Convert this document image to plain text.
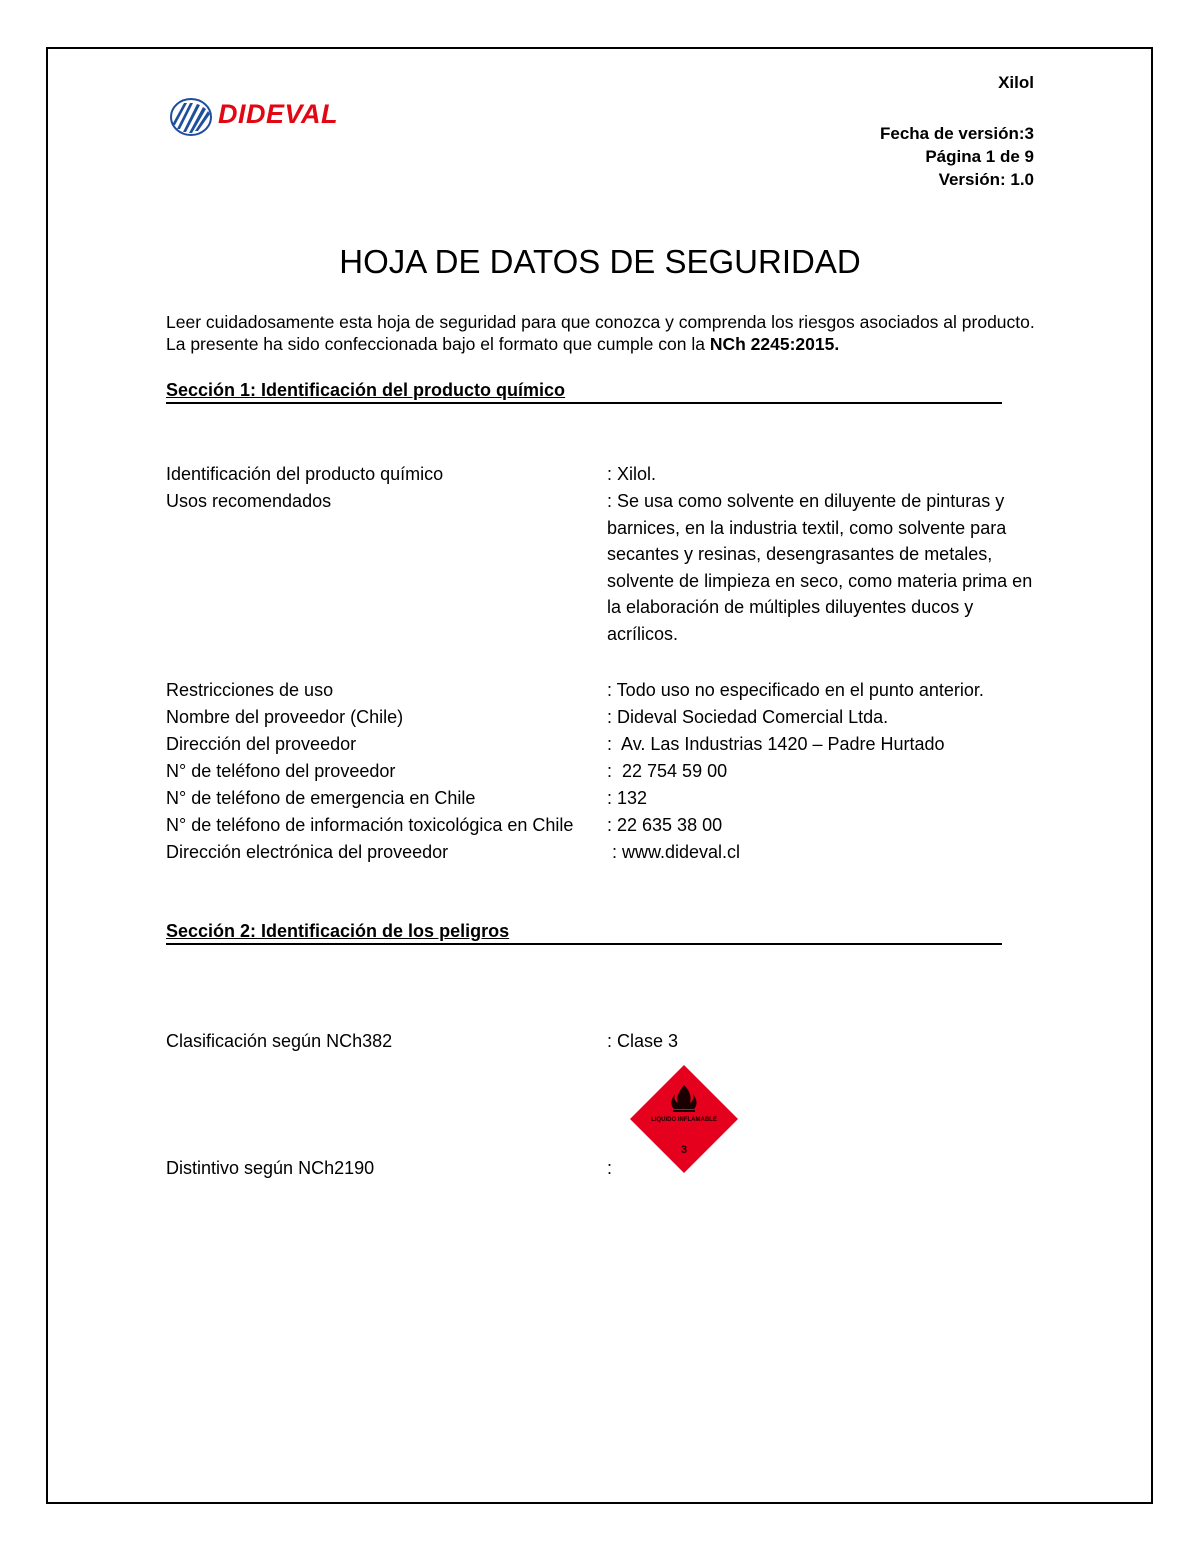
DIDEVAL
Xilol
Fecha de versión:3
Página 1 de 9
Versión: 1.0
HOJA DE DATOS DE SEGURIDAD
Leer cuidadosamente esta hoja de seguridad para que conozca y comprenda los riesgos asociados al producto. La presente ha sido confeccionada bajo el formato que cumple con la NCh 2245:2015.
Sección 1: Identificación del producto químico
Identificación del producto químico	: Xilol.
Usos recomendados	: Se usa como solvente en diluyente de pinturas y barnices, en la industria textil, como solvente para secantes y resinas, desengrasantes de metales, solvente de limpieza en seco, como materia prima en la elaboración de múltiples diluyentes ducos y acrílicos.
Restricciones de uso	: Todo uso no especificado en el punto anterior.
Nombre del proveedor (Chile)	: Dideval Sociedad Comercial Ltda.
Dirección del proveedor	:  Av. Las Industrias 1420 – Padre Hurtado
N° de teléfono del proveedor	:  22 754 59 00
N° de teléfono de emergencia en Chile	: 132
N° de teléfono de información toxicológica en Chile : 22 635 38 00
Dirección electrónica del proveedor	: www.dideval.cl
Sección 2: Identificación de los peligros
Clasificación según NCh382	: Clase 3
LIQUIDO INFLAMABLE
3
Distintivo según NCh2190	:
